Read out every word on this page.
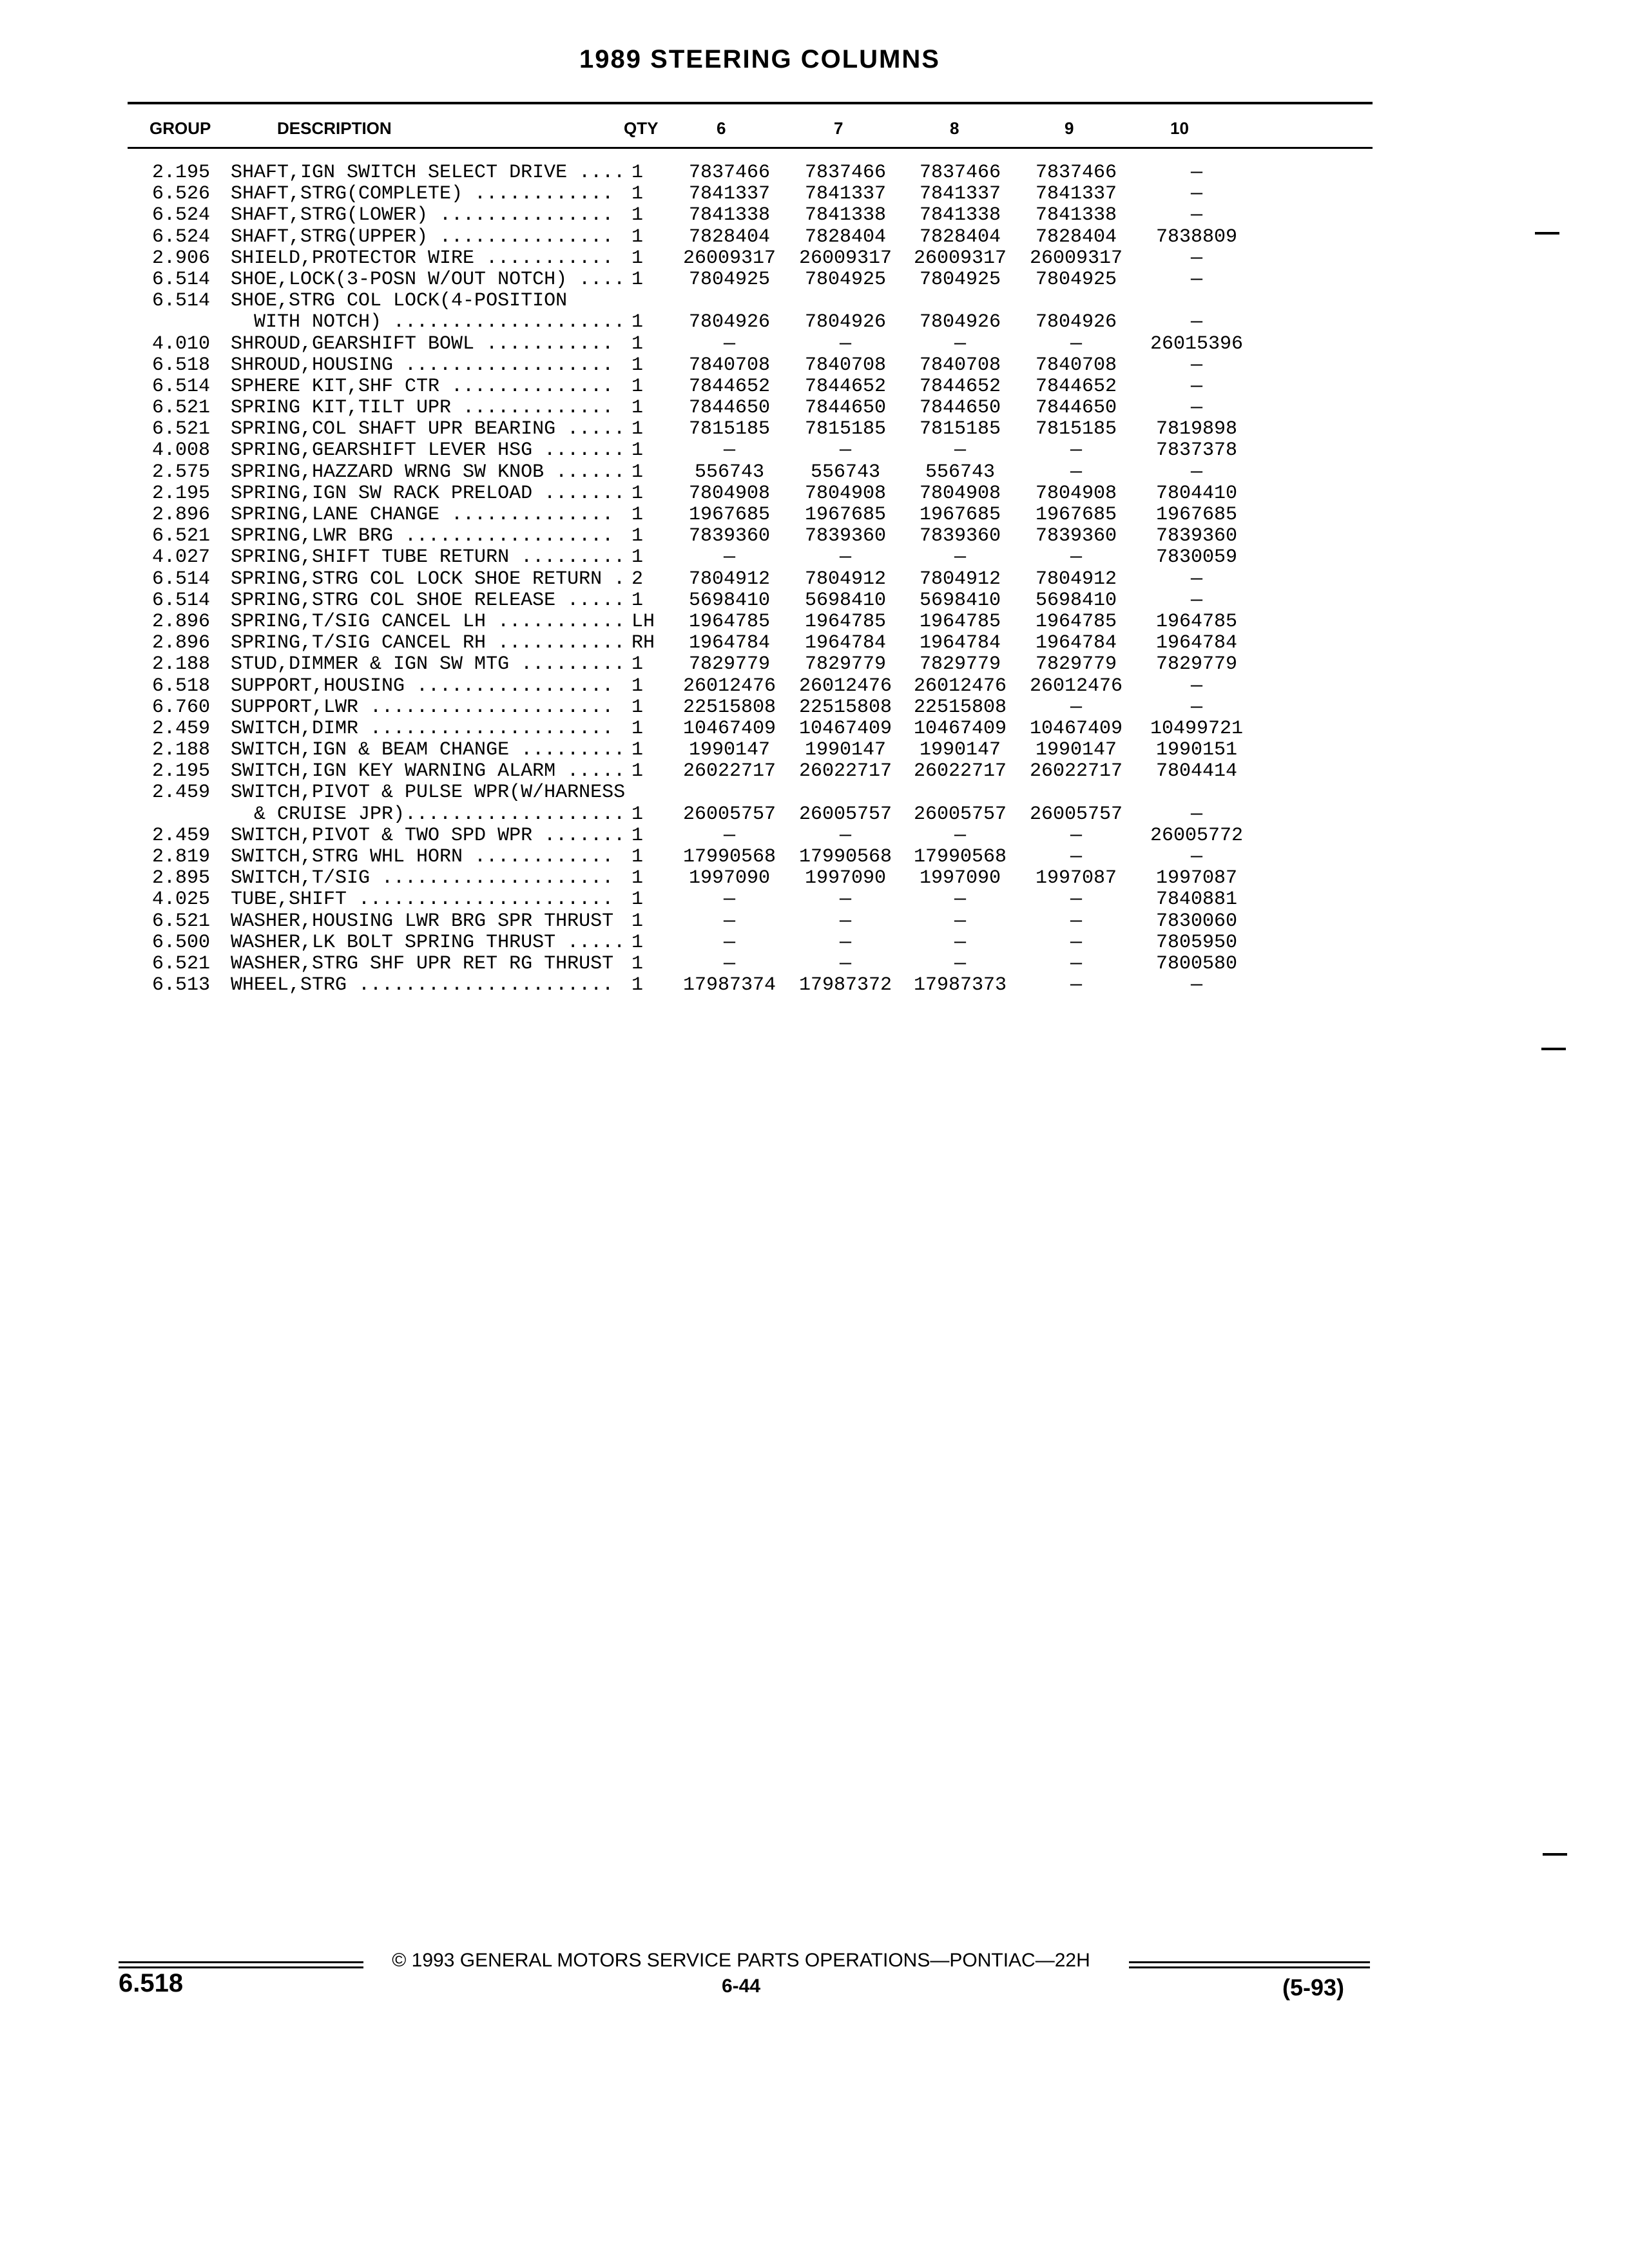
1989 STEERING COLUMNS
GROUP	DESCRIPTION	QTY	6	7	8	9	10
2.195 SHAFT,IGN SWITCH SELECT DRIVE .... 1	7837466	7837466	7837466	7837466	—
6.526 SHAFT,STRG(COMPLETE) ............ 1	7841337	7841337	7841337	7841337	—
6.524 SHAFT,STRG(LOWER) ............... 1	7841338	7841338	7841338	7841338	—
6.524 SHAFT,STRG(UPPER) ............... 1	7828404	7828404	7828404	7828404	7838809
2.906 SHIELD,PROTECTOR WIRE ........... 1 26009317 26009317 26009317 26009317	—
6.514 SHOE,LOCK(3-POSN W/OUT NOTCH) .... 1	7804925	7804925	7804925	7804925	—
6.514 SHOE,STRG COL LOCK(4-POSITION
WITH NOTCH) .................... 1	7804926	7804926	7804926	7804926	—
4.010 SHROUD,GEARSHIFT BOWL ........... 1	—	—	—	—	26015396
6.518 SHROUD,HOUSING .................. 1	7840708	7840708	7840708	7840708	—
6.514 SPHERE KIT,SHF CTR .............. 1	7844652	7844652	7844652	7844652	—
6.521 SPRING KIT,TILT UPR ............. 1	7844650	7844650	7844650	7844650	—
6.521 SPRING,COL SHAFT UPR BEARING ..... 1	7815185	7815185	7815185	7815185	7819898
4.008 SPRING,GEARSHIFT LEVER HSG ....... 1	—	—	—	—	7837378
2.575 SPRING,HAZZARD WRNG SW KNOB ...... 1	556743	556743	556743	—	—
2.195 SPRING,IGN SW RACK PRELOAD ....... 1	7804908	7804908	7804908	7804908	7804410
2.896 SPRING,LANE CHANGE .............. 1	1967685	1967685	1967685	1967685	1967685
6.521 SPRING,LWR BRG .................. 1	7839360	7839360	7839360	7839360	7839360
4.027 SPRING,SHIFT TUBE RETURN ......... 1	—	—	—	—	7830059
6.514 SPRING,STRG COL LOCK SHOE RETURN . 2	7804912	7804912	7804912	7804912	—
6.514 SPRING,STRG COL SHOE RELEASE ..... 1	5698410	5698410	5698410	5698410	—
2.896 SPRING,T/SIG CANCEL LH ........... LH	1964785	1964785	1964785	1964785	1964785
2.896 SPRING,T/SIG CANCEL RH ........... RH	1964784	1964784	1964784	1964784	1964784
2.188 STUD,DIMMER & IGN SW MTG ......... 1	7829779	7829779	7829779	7829779	7829779
6.518 SUPPORT,HOUSING ................. 1 26012476 26012476 26012476 26012476	—
6.760 SUPPORT,LWR ..................... 1 22515808 22515808 22515808	—	—
2.459 SWITCH,DIMR ..................... 1 10467409 10467409 10467409 10467409	10499721
2.188 SWITCH,IGN & BEAM CHANGE ......... 1	1990147	1990147	1990147	1990147	1990151
2.195 SWITCH,IGN KEY WARNING ALARM ..... 1 26022717 26022717 26022717 26022717	7804414
2.459 SWITCH,PIVOT & PULSE WPR(W/HARNESS
& CRUISE JPR)................... 1 26005757 26005757 26005757 26005757	—
2.459 SWITCH,PIVOT & TWO SPD WPR ....... 1	—	—	—	—	26005772
2.819 SWITCH,STRG WHL HORN ............ 1 17990568 17990568 17990568	—	—
2.895 SWITCH,T/SIG .................... 1	1997090	1997090	1997090	1997087	1997087
4.025 TUBE,SHIFT ...................... 1	—	—	—	—	7840881
6.521 WASHER,HOUSING LWR BRG SPR THRUST 1	—	—	—	—	7830060
6.500 WASHER,LK BOLT SPRING THRUST ..... 1	—	—	—	—	7805950
6.521 WASHER,STRG SHF UPR RET RG THRUST 1	—	—	—	—	7800580
6.513 WHEEL,STRG ...................... 1 17987374 17987372 17987373	—	—
© 1993 GENERAL MOTORS SERVICE PARTS OPERATIONS—PONTIAC—22H
6.518	6-44	(5-93)
